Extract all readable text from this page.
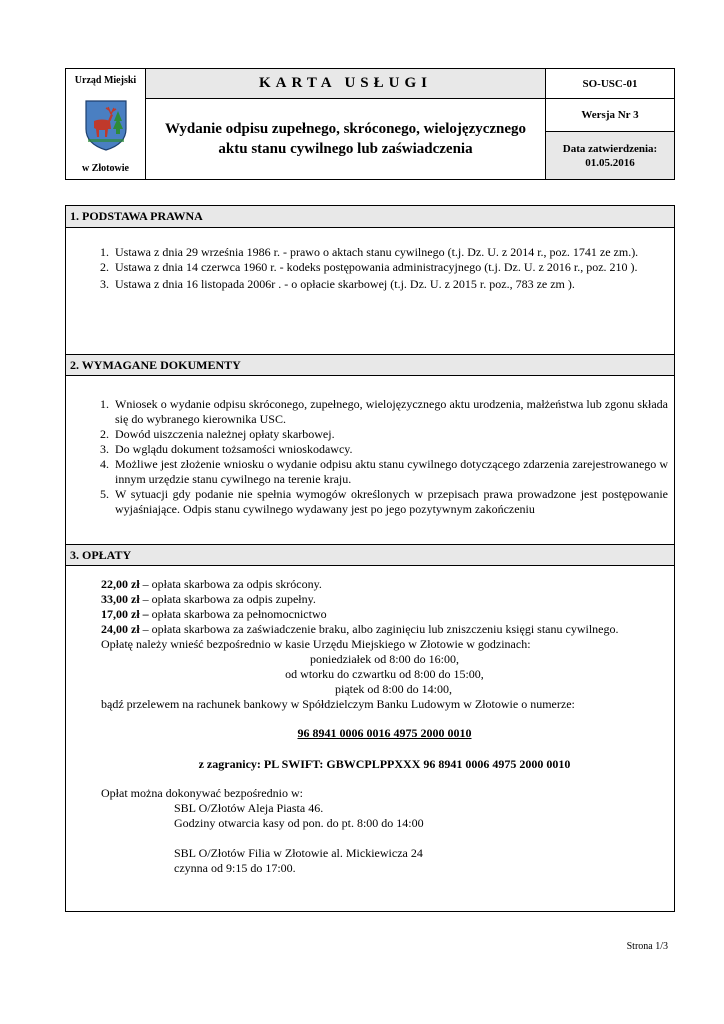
Urząd Miejski
w Złotowie
KARTA USŁUGI
Wydanie odpisu zupełnego, skróconego, wielojęzycznego aktu stanu cywilnego lub zaświadczenia
SO-USC-01
Wersja Nr 3
Data zatwierdzenia:
01.05.2016
1. PODSTAWA PRAWNA
1. Ustawa z dnia 29 września 1986 r. - prawo o aktach stanu cywilnego (t.j. Dz. U. z 2014 r., poz. 1741 ze zm.).
2. Ustawa z dnia 14 czerwca 1960 r. - kodeks postępowania administracyjnego (t.j. Dz. U. z 2016 r., poz. 210 ).
3. Ustawa z dnia 16 listopada 2006r . - o opłacie skarbowej (t.j. Dz. U. z 2015 r. poz., 783 ze zm ).
2. WYMAGANE DOKUMENTY
1. Wniosek o wydanie odpisu skróconego, zupełnego, wielojęzycznego aktu urodzenia, małżeństwa lub zgonu składa się do wybranego kierownika USC.
2. Dowód uiszczenia należnej opłaty skarbowej.
3. Do wglądu dokument tożsamości wnioskodawcy.
4. Możliwe jest złożenie wniosku o wydanie odpisu aktu stanu cywilnego dotyczącego zdarzenia zarejestrowanego w innym urzędzie stanu cywilnego na terenie kraju.
5. W sytuacji gdy podanie nie spełnia wymogów określonych w przepisach prawa prowadzone jest postępowanie wyjaśniające. Odpis stanu cywilnego wydawany jest po jego pozytywnym zakończeniu
3. OPŁATY
22,00 zł – opłata skarbowa za odpis skrócony.
33,00 zł – opłata skarbowa za odpis zupełny.
17,00 zł – opłata skarbowa za pełnomocnictwo
24,00 zł – opłata skarbowa za zaświadczenie braku, albo zaginięciu lub zniszczeniu księgi stanu cywilnego.
Opłatę należy wnieść bezpośrednio w kasie Urzędu Miejskiego w Złotowie w godzinach:
poniedziałek od 8:00 do 16:00,
od wtorku do czwartku od 8:00 do 15:00,
piątek od 8:00 do 14:00,
bądź przelewem na rachunek bankowy w Spółdzielczym Banku Ludowym w Złotowie o numerze:
96 8941 0006 0016 4975 2000 0010
z zagranicy: PL SWIFT: GBWCPLPPXXX 96 8941 0006 4975 2000 0010
Opłat można dokonywać bezpośrednio w:
SBL O/Złotów Aleja Piasta 46.
Godziny otwarcia kasy od pon. do pt. 8:00 do 14:00
SBL O/Złotów Filia w Złotowie al. Mickiewicza 24
czynna od 9:15 do 17:00.
Strona 1/3
